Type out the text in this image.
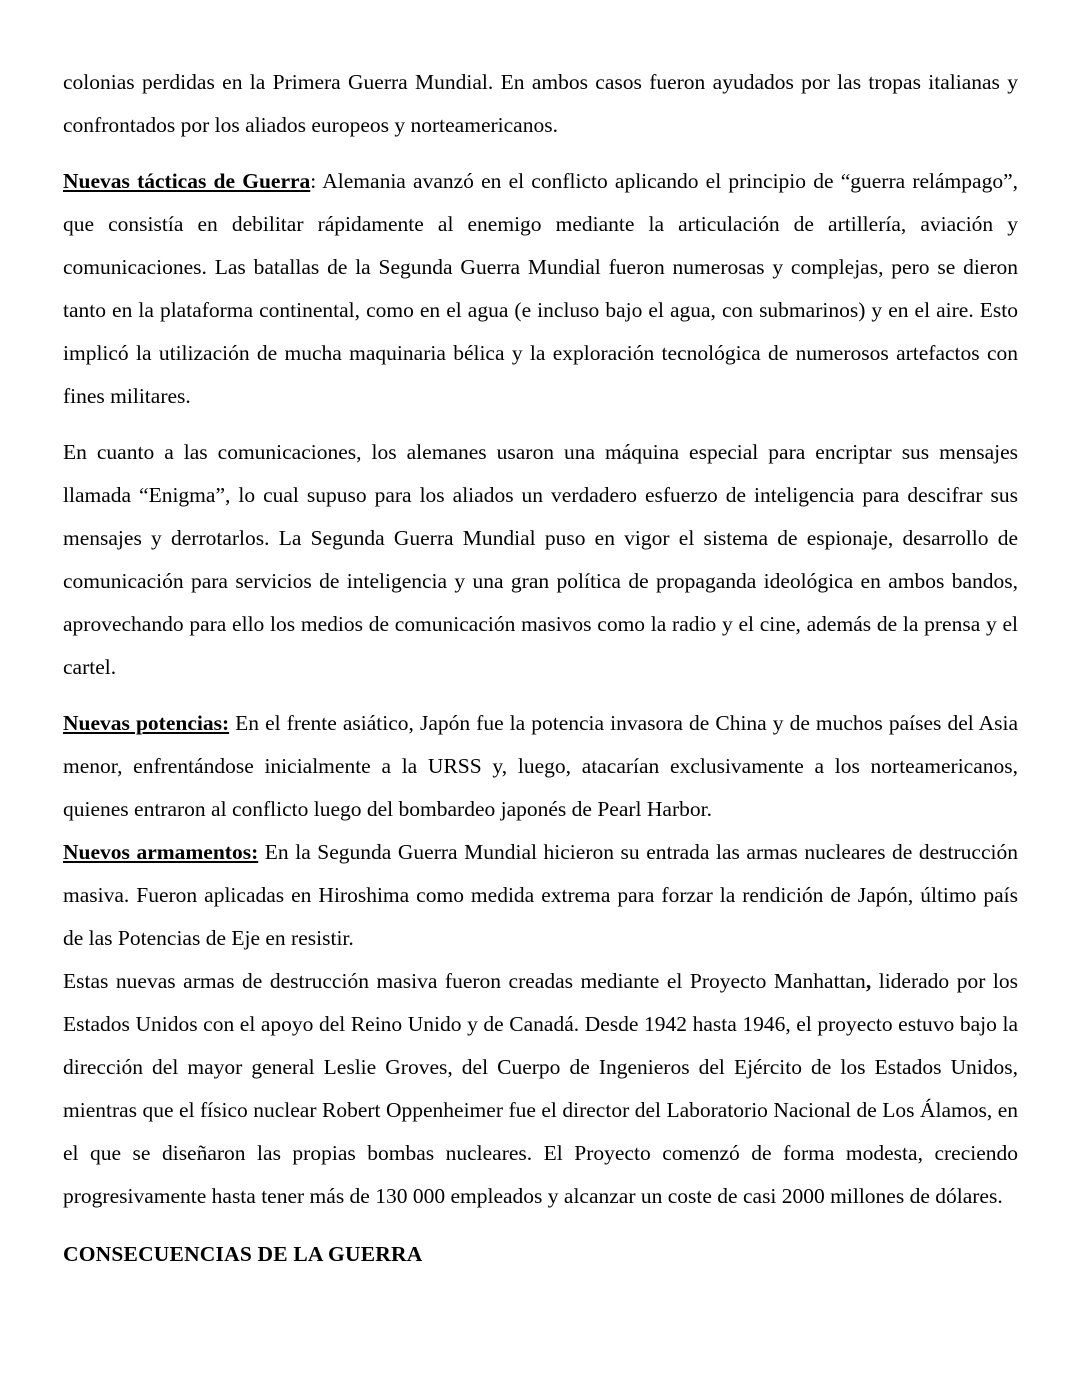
colonias perdidas en la Primera Guerra Mundial. En ambos casos fueron ayudados por las tropas italianas y confrontados por los aliados europeos y norteamericanos.

Nuevas tácticas de Guerra: Alemania avanzó en el conflicto aplicando el principio de “guerra relámpago”, que consistía en debilitar rápidamente al enemigo mediante la articulación de artillería, aviación y comunicaciones. Las batallas de la Segunda Guerra Mundial fueron numerosas y complejas, pero se dieron tanto en la plataforma continental, como en el agua (e incluso bajo el agua, con submarinos) y en el aire. Esto implicó la utilización de mucha maquinaria bélica y la exploración tecnológica de numerosos artefactos con fines militares.

En cuanto a las comunicaciones, los alemanes usaron una máquina especial para encriptar sus mensajes llamada “Enigma”, lo cual supuso para los aliados un verdadero esfuerzo de inteligencia para descifrar sus mensajes y derrotarlos. La Segunda Guerra Mundial puso en vigor el sistema de espionaje, desarrollo de comunicación para servicios de inteligencia y una gran política de propaganda ideológica en ambos bandos, aprovechando para ello los medios de comunicación masivos como la radio y el cine, además de la prensa y el cartel.

Nuevas potencias: En el frente asiático, Japón fue la potencia invasora de China y de muchos países del Asia menor, enfrentándose inicialmente a la URSS y, luego, atacarían exclusivamente a los norteamericanos, quienes entraron al conflicto luego del bombardeo japonés de Pearl Harbor.

Nuevos armamentos: En la Segunda Guerra Mundial hicieron su entrada las armas nucleares de destrucción masiva. Fueron aplicadas en Hiroshima como medida extrema para forzar la rendición de Japón, último país de las Potencias de Eje en resistir.

Estas nuevas armas de destrucción masiva fueron creadas mediante el Proyecto Manhattan, liderado por los Estados Unidos con el apoyo del Reino Unido y de Canadá. Desde 1942 hasta 1946, el proyecto estuvo bajo la dirección del mayor general Leslie Groves, del Cuerpo de Ingenieros del Ejército de los Estados Unidos, mientras que el físico nuclear Robert Oppenheimer fue el director del Laboratorio Nacional de Los Álamos, en el que se diseñaron las propias bombas nucleares. El Proyecto comenzó de forma modesta, creciendo progresivamente hasta tener más de 130 000 empleados y alcanzar un coste de casi 2000 millones de dólares.

CONSECUENCIAS DE LA GUERRA
